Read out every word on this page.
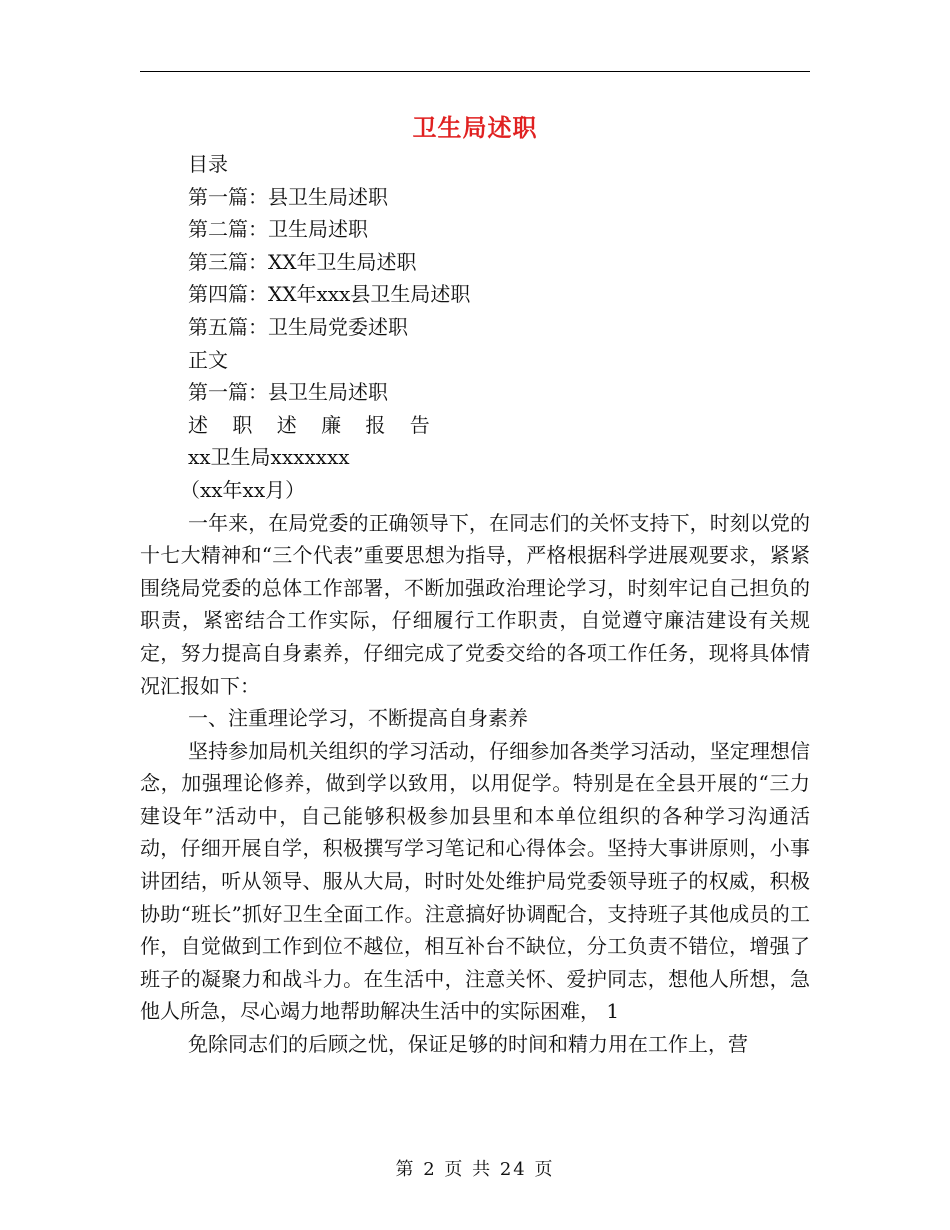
卫生局述职
目录
第一篇：县卫生局述职
第二篇：卫生局述职
第三篇：XX年卫生局述职
第四篇：XX年xxx县卫生局述职
第五篇：卫生局党委述职
正文
第一篇：县卫生局述职
述 职 述 廉 报 告
xx卫生局xxxxxxx
（xx年xx月）

一年来，在局党委的正确领导下，在同志们的关怀支持下，时刻以党的十七大精神和“三个代表”重要思想为指导，严格根据科学进展观要求，紧紧围绕局党委的总体工作部署，不断加强政治理论学习，时刻牢记自己担负的职责，紧密结合工作实际，仔细履行工作职责，自觉遵守廉洁建设有关规定，努力提高自身素养，仔细完成了党委交给的各项工作任务，现将具体情况汇报如下：

一、注重理论学习，不断提高自身素养

坚持参加局机关组织的学习活动，仔细参加各类学习活动，坚定理想信念，加强理论修养，做到学以致用，以用促学。特别是在全县开展的“三力建设年”活动中，自己能够积极参加县里和本单位组织的各种学习沟通活动，仔细开展自学，积极撰写学习笔记和心得体会。坚持大事讲原则，小事讲团结，听从领导、服从大局，时时处处维护局党委领导班子的权威，积极协助“班长”抓好卫生全面工作。注意搞好协调配合，支持班子其他成员的工作，自觉做到工作到位不越位，相互补台不缺位，分工负责不错位，增强了班子的凝聚力和战斗力。在生活中，注意关怀、爱护同志，想他人所想，急他人所急，尽心竭力地帮助解决生活中的实际困难， 1

免除同志们的后顾之忧，保证足够的时间和精力用在工作上，营

第 2 页 共 24 页
